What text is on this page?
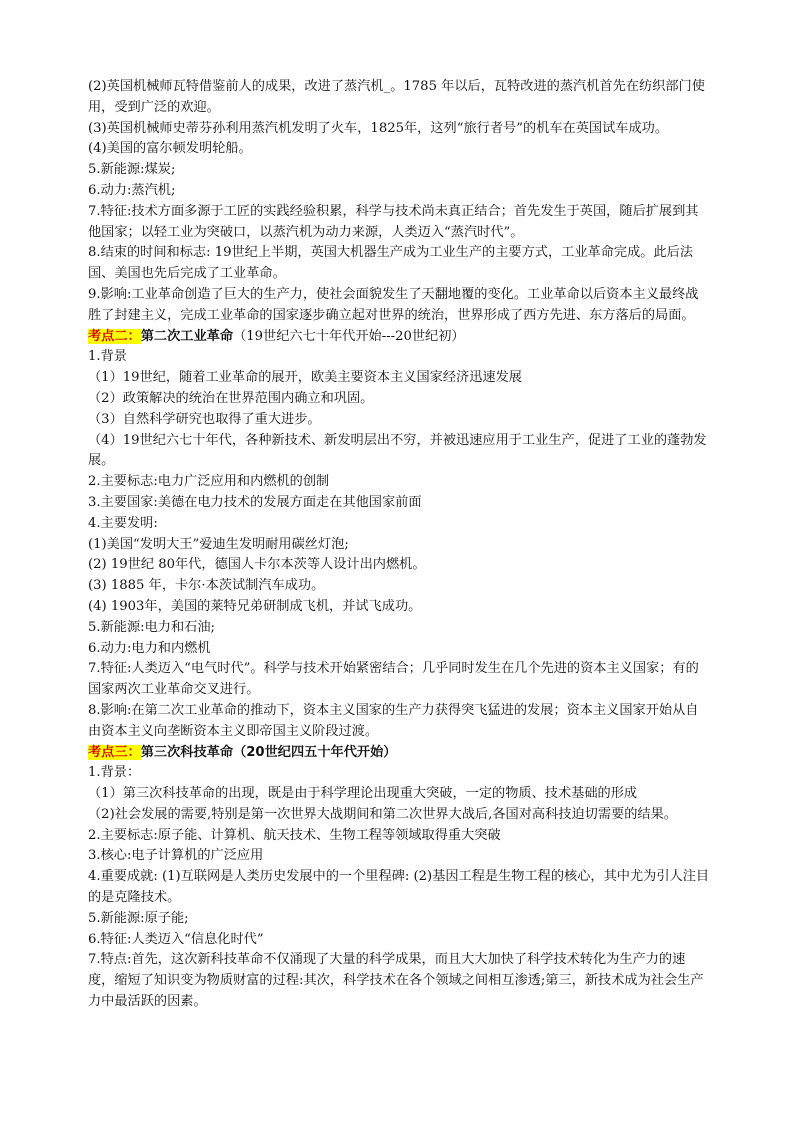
(2)英国机械师瓦特借鉴前人的成果，改进了蒸汽机_。1785 年以后，瓦特改进的蒸汽机首先在纺织部门使用，受到广泛的欢迎。

(3)英国机械师史蒂芬孙利用蒸汽机发明了火车，1825年，这列“旅行者号”的机车在英国试车成功。

(4)美国的富尔顿发明轮船。

5.新能源:煤炭;

6.动力:蒸汽机;

7.特征:技术方面多源于工匠的实践经验积累，科学与技术尚未真正结合；首先发生于英国，随后扩展到其他国家；以轻工业为突破口，以蒸汽机为动力来源，人类迈入“蒸汽时代”。

8.结束的时间和标志: 19世纪上半期，英国大机器生产成为工业生产的主要方式，工业革命完成。此后法国、美国也先后完成了工业革命。

9.影响:工业革命创造了巨大的生产力，使社会面貌发生了天翻地覆的变化。工业革命以后资本主义最终战胜了封建主义，完成工业革命的国家逐步确立起对世界的统治，世界形成了西方先进、东方落后的局面。

考点二：第二次工业革命（19世纪六七十年代开始---20世纪初）

1.背景

（1）19世纪，随着工业革命的展开，欧美主要资本主义国家经济迅速发展

（2）政策解决的统治在世界范围内确立和巩固。

（3）自然科学研究也取得了重大进步。

（4）19世纪六七十年代，各种新技术、新发明层出不穷，并被迅速应用于工业生产，促进了工业的蓬勃发展。

2.主要标志:电力广泛应用和内燃机的创制

3.主要国家:美德在电力技术的发展方面走在其他国家前面

4.主要发明:

(1)美国“发明大王”爱迪生发明耐用碳丝灯泡;

(2) 19世纪 80年代，德国人卡尔本茨等人设计出内燃机。

(3) 1885 年，卡尔·本茨试制汽车成功。

(4) 1903年，美国的莱特兄弟研制成飞机，并试飞成功。

5.新能源:电力和石油;

6.动力:电力和内燃机

7.特征:人类迈入“电气时代”。科学与技术开始紧密结合；几乎同时发生在几个先进的资本主义国家；有的国家两次工业革命交叉进行。

8.影响:在第二次工业革命的推动下，资本主义国家的生产力获得突飞猛进的发展；资本主义国家开始从自由资本主义向垄断资本主义即帝国主义阶段过渡。

考点三：第三次科技革命（20世纪四五十年代开始）

1.背景：

（1）第三次科技革命的出现，既是由于科学理论出现重大突破，一定的物质、技术基础的形成

（2)社会发展的需要,特别是第一次世界大战期间和第二次世界大战后,各国对高科技迫切需要的结果。

2.主要标志:原子能、计算机、航天技术、生物工程等领域取得重大突破

3.核心:电子计算机的广泛应用

4.重要成就: (1)互联网是人类历史发展中的一个里程碑: (2)基因工程是生物工程的核心，其中尤为引人注目的是克隆技术。

5.新能源:原子能;

6.特征:人类迈入“信息化时代”

7.特点:首先，这次新科技革命不仅涌现了大量的科学成果，而且大大加快了科学技术转化为生产力的速度，缩短了知识变为物质财富的过程:其次，科学技术在各个领域之间相互渗透;第三，新技术成为社会生产力中最活跃的因素。
